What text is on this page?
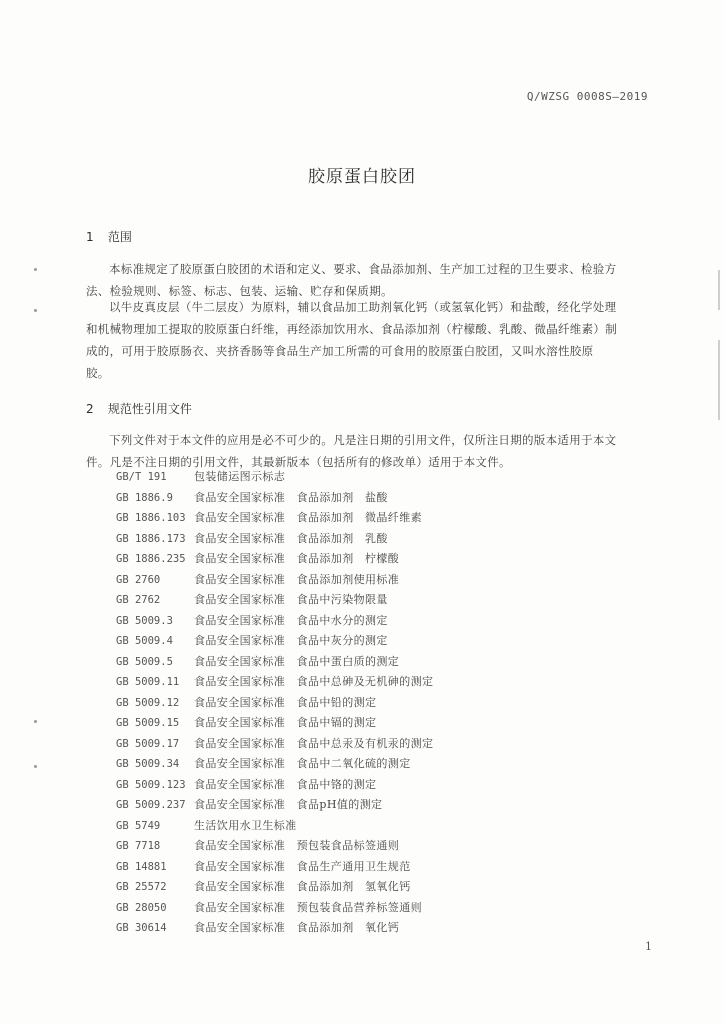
Q/WZSG 0008S—2019
胶原蛋白胶团
1 范围
本标准规定了胶原蛋白胶团的术语和定义、要求、食品添加剂、生产加工过程的卫生要求、检验方
法、检验规则、标签、标志、包装、运输、贮存和保质期。
以牛皮真皮层（牛二层皮）为原料，辅以食品加工助剂氧化钙（或氢氧化钙）和盐酸，经化学处理
和机械物理加工提取的胶原蛋白纤维，再经添加饮用水、食品添加剂（柠檬酸、乳酸、微晶纤维素）制
成的，可用于胶原肠衣、夹挤香肠等食品生产加工所需的可食用的胶原蛋白胶团，又叫水溶性胶原
胶。
2 规范性引用文件
下列文件对于本文件的应用是必不可少的。凡是注日期的引用文件，仅所注日期的版本适用于本文
件。凡是不注日期的引用文件，其最新版本（包括所有的修改单）适用于本文件。
GB/T 191 包装储运图示标志
GB 1886.9 食品安全国家标准　食品添加剂　盐酸
GB 1886.103 食品安全国家标准　食品添加剂　微晶纤维素
GB 1886.173 食品安全国家标准　食品添加剂　乳酸
GB 1886.235 食品安全国家标准　食品添加剂　柠檬酸
GB 2760	食品安全国家标准　食品添加剂使用标准
GB 2762	食品安全国家标准　食品中污染物限量
GB 5009.3 食品安全国家标准　食品中水分的测定
GB 5009.4 食品安全国家标准　食品中灰分的测定
GB 5009.5 食品安全国家标准　食品中蛋白质的测定
GB 5009.11 食品安全国家标准　食品中总砷及无机砷的测定
GB 5009.12 食品安全国家标准　食品中铅的测定
GB 5009.15 食品安全国家标准　食品中镉的测定
GB 5009.17 食品安全国家标准　食品中总汞及有机汞的测定
GB 5009.34 食品安全国家标准　食品中二氧化硫的测定
GB 5009.123 食品安全国家标准　食品中铬的测定
GB 5009.237 食品安全国家标准　食品pH值的测定
GB 5749	生活饮用水卫生标准
GB 7718	食品安全国家标准　预包装食品标签通则
GB 14881 食品安全国家标准　食品生产通用卫生规范
GB 25572 食品安全国家标准　食品添加剂　氢氧化钙
GB 28050 食品安全国家标准　预包装食品营养标签通则
GB 30614 食品安全国家标准　食品添加剂　氧化钙
1
